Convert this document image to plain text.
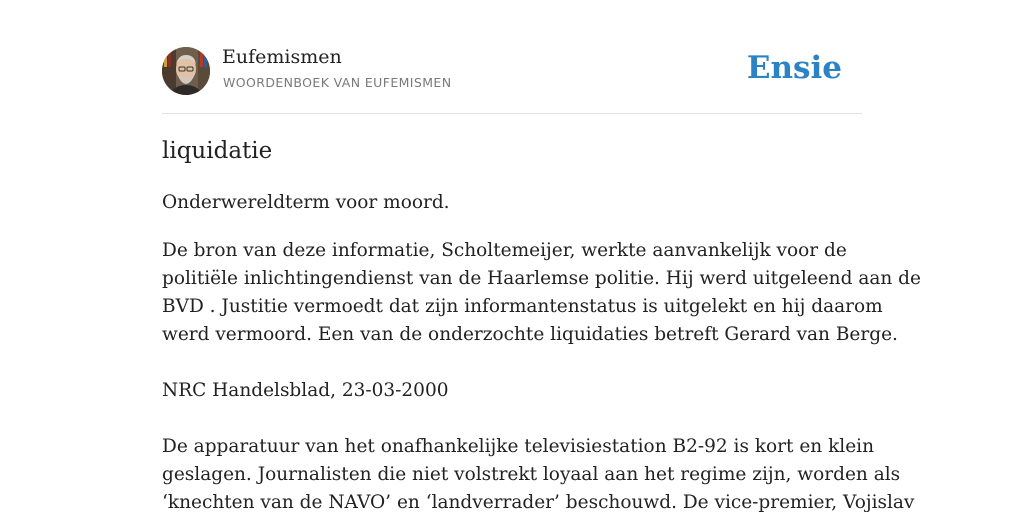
Eufemismen
WOORDENBOEK VAN EUFEMISMEN	Ensie
liquidatie
Onderwereldterm voor moord.
De bron van deze informatie, Scholtemeijer, werkte aanvankelijk voor de
politiële inlichtingendienst van de Haarlemse politie. Hij werd uitgeleend aan de
BVD . Justitie vermoedt dat zijn informantenstatus is uitgelekt en hij daarom
werd vermoord. Een van de onderzochte liquidaties betreft Gerard van Berge.
NRC Handelsblad, 23-03-2000
De apparatuur van het onafhankelijke televisiestation B2-92 is kort en klein
geslagen. Journalisten die niet volstrekt loyaal aan het regime zijn, worden als
‘knechten van de NAVO’ en ‘landverrader’ beschouwd. De vice-premier, Vojislav
